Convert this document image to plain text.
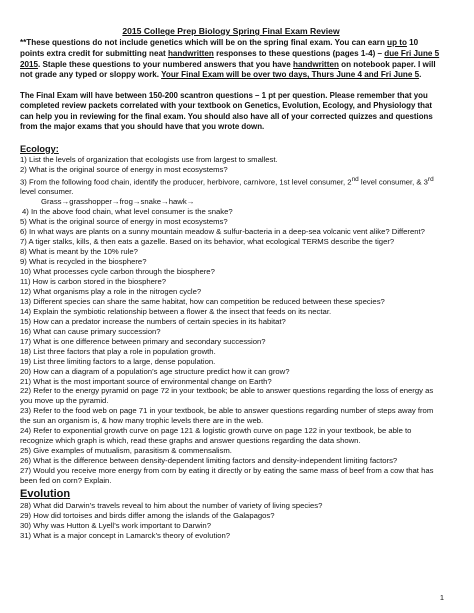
2015 College Prep Biology Spring Final Exam Review

**These questions do not include genetics which will be on the spring final exam. You can earn up to 10 points extra credit for submitting neat handwritten responses to these questions (pages 1-4) – due Fri June 5 2015. Staple these questions to your numbered answers that you have handwritten on notebook paper. I will not grade any typed or sloppy work. Your Final Exam will be over two days, Thurs June 4 and Fri June 5.

The Final Exam will have between 150-200 scantron questions – 1 pt per question. Please remember that you completed review packets correlated with your textbook on Genetics, Evolution, Ecology, and Physiology that can help you in reviewing for the final exam. You should also have all of your corrected quizzes and questions from the major exams that you should have that you wrote down.

Ecology:

1) List the levels of organization that ecologists use from largest to smallest.

2) What is the original source of energy in most ecosystems?

3) From the following food chain, identify the producer, herbivore, carnivore, 1st level consumer, 2nd level consumer, & 3rd level consumer.

Grass→grasshopper→frog→snake→hawk→

4) In the above food chain, what level consumer is the snake?

5) What is the original source of energy in most ecosystems?

6) In what ways are plants on a sunny mountain meadow & sulfur-bacteria in a deep-sea volcanic vent alike? Different?

7) A tiger stalks, kills, & then eats a gazelle. Based on its behavior, what ecological TERMS describe the tiger?

8) What is meant by the 10% rule?

9) What is recycled in the biosphere?

10) What processes cycle carbon through the biosphere?

11) How is carbon stored in the biosphere?

12) What organisms play a role in the nitrogen cycle?

13) Different species can share the same habitat, how can competition be reduced between these species?

14) Explain the symbiotic relationship between a flower & the insect that feeds on its nectar.

15) How can a predator increase the numbers of certain species in its habitat?

16) What can cause primary succession?

17) What is one difference between primary and secondary succession?

18) List three factors that play a role in population growth.

19) List three limiting factors to a large, dense population.

20) How can a diagram of a population’s age structure predict how it can grow?

21) What is the most important source of environmental change on Earth?

22) Refer to the energy pyramid on page 72 in your textbook; be able to answer questions regarding the loss of energy as you move up the pyramid.

23) Refer to the food web on page 71 in your textbook, be able to answer questions regarding number of steps away from the sun an organism is, & how many trophic levels there are in the web.

24) Refer to exponential growth curve on page 121 & logistic growth curve on page 122 in your textbook, be able to recognize which graph is which, read these graphs and answer questions regarding the data shown.

25) Give examples of mutualism, parasitism & commensalism.

26) What is the difference between density-dependent limiting factors and density-independent limiting factors?

27) Would you receive more energy from corn by eating it directly or by eating the same mass of beef from a cow that has been fed on corn? Explain.

Evolution

28) What did Darwin’s travels reveal to him about the number of variety of living species?

29) How did tortoises and birds differ among the islands of the Galapagos?

30) Why was Hutton & Lyell’s work important to Darwin?

31) What is a major concept in Lamarck’s theory of evolution?

1
